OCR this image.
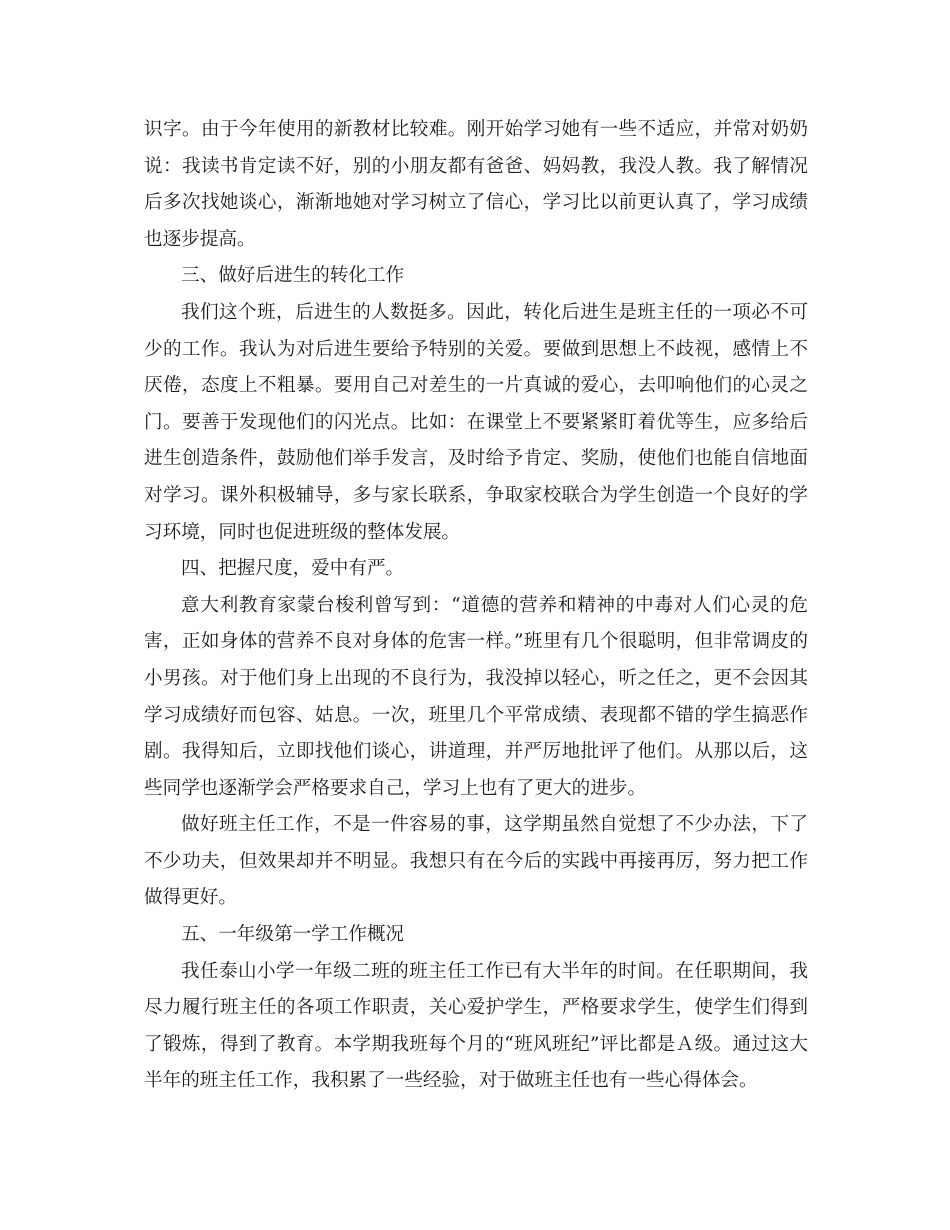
识字。由于今年使用的新教材比较难。刚开始学习她有一些不适应，并常对奶奶说：我读书肯定读不好，别的小朋友都有爸爸、妈妈教，我没人教。我了解情况后多次找她谈心，渐渐地她对学习树立了信心，学习比以前更认真了，学习成绩也逐步提高。

三、做好后进生的转化工作

我们这个班，后进生的人数挺多。因此，转化后进生是班主任的一项必不可少的工作。我认为对后进生要给予特别的关爱。要做到思想上不歧视，感情上不厌倦，态度上不粗暴。要用自己对差生的一片真诚的爱心，去叩响他们的心灵之门。要善于发现他们的闪光点。比如：在课堂上不要紧紧盯着优等生，应多给后进生创造条件，鼓励他们举手发言，及时给予肯定、奖励，使他们也能自信地面对学习。课外积极辅导，多与家长联系，争取家校联合为学生创造一个良好的学习环境，同时也促进班级的整体发展。

四、把握尺度，爱中有严。

意大利教育家蒙台梭利曾写到：“道德的营养和精神的中毒对人们心灵的危害，正如身体的营养不良对身体的危害一样。”班里有几个很聪明，但非常调皮的小男孩。对于他们身上出现的不良行为，我没掉以轻心，听之任之，更不会因其学习成绩好而包容、姑息。一次，班里几个平常成绩、表现都不错的学生搞恶作剧。我得知后，立即找他们谈心，讲道理，并严厉地批评了他们。从那以后，这些同学也逐渐学会严格要求自己，学习上也有了更大的进步。

做好班主任工作，不是一件容易的事，这学期虽然自觉想了不少办法，下了不少功夫，但效果却并不明显。我想只有在今后的实践中再接再厉，努力把工作做得更好。

五、一年级第一学工作概况

我任泰山小学一年级二班的班主任工作已有大半年的时间。在任职期间，我尽力履行班主任的各项工作职责，关心爱护学生，严格要求学生，使学生们得到了锻炼，得到了教育。本学期我班每个月的“班风班纪”评比都是Ａ级。通过这大半年的班主任工作，我积累了一些经验，对于做班主任也有一些心得体会。
